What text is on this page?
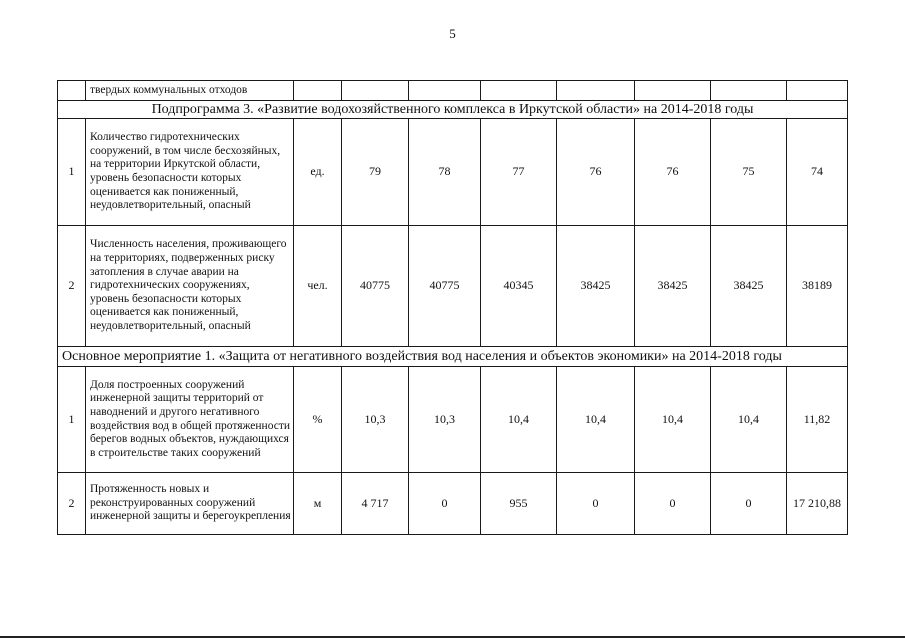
5
	твердых коммунальных отходов								
Подпрограмма 3. «Развитие водохозяйственного комплекса в Иркутской области» на 2014-2018 годы									
1	Количество гидротехнических сооружений, в том числе бесхозяйных, на территории Иркутской области, уровень безопасности которых оценивается как пониженный, неудовлетворительный, опасный	ед.	79	78	77	76	76	75	74
2	Численность населения, проживающего на территориях, подверженных риску затопления в случае аварии на гидротехнических сооружениях, уровень безопасности которых оценивается как пониженный, неудовлетворительный, опасный	чел.	40775	40775	40345	38425	38425	38425	38189
Основное мероприятие 1. «Защита от негативного воздействия вод населения и объектов экономики» на 2014-2018 годы									
1	Доля построенных сооружений инженерной защиты территорий от наводнений и другого негативного воздействия вод в общей протяженности берегов водных объектов, нуждающихся в строительстве таких сооружений	%	10,3	10,3	10,4	10,4	10,4	10,4	11,82
2	Протяженность новых и реконструированных сооружений инженерной защиты и берегоукрепления	м	4 717	0	955	0	0	0	17 210,88
